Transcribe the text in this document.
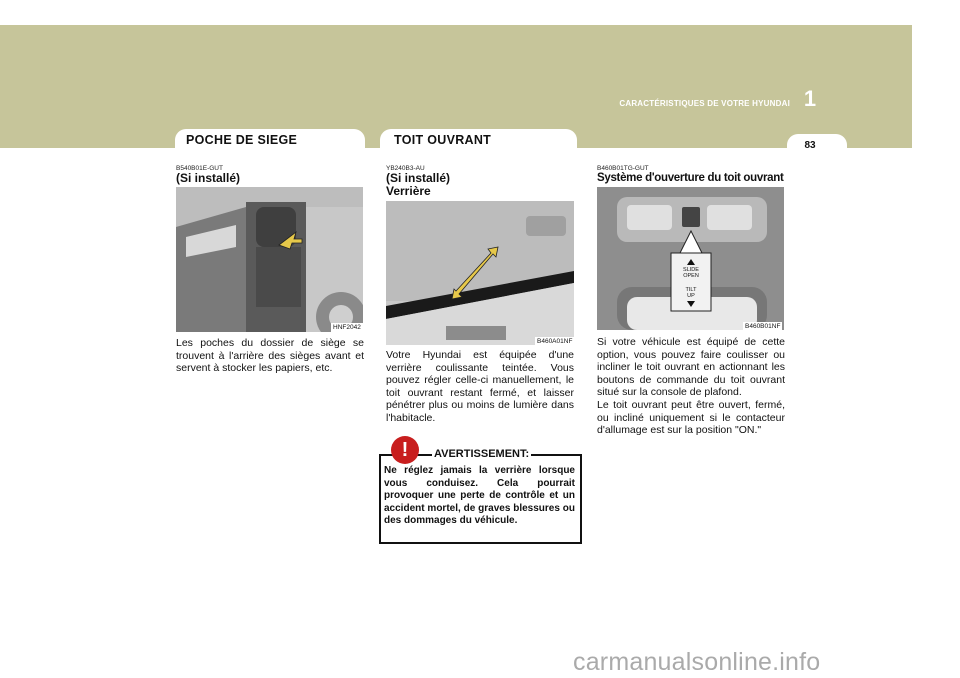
CARACTÉRISTIQUES DE VOTRE HYUNDAI 1
83
POCHE DE SIEGE
B540B01E-GUT
(Si installé)
HNF2042

Les poches du dossier de siège se trouvent à l'arrière des sièges avant et servent à stocker les papiers, etc.

TOIT OUVRANT
YB240B3-AU
(Si installé)
Verrière
B460A01NF

Votre Hyundai est équipée d'une verrière coulissante teintée. Vous pouvez régler celle-ci manuellement, le toit ouvrant restant fermé, et laisser pénétrer plus ou moins de lumière dans l'habitacle.

!	AVERTISSEMENT:

Ne réglez jamais la verrière lorsque vous conduisez. Cela pourrait provoquer une perte de contrôle et un accident mortel, de graves blessures ou des dommages du véhicule.

B460B01TG-GUT
Système d'ouverture du toit ouvrant
SLIDE
OPEN
TILT
UP
B460B01NF

Si votre véhicule est équipé de cette option, vous pouvez faire coulisser ou incliner le toit ouvrant en actionnant les boutons de commande du toit ouvrant situé sur la console de plafond.

Le toit ouvrant peut être ouvert, fermé, ou incliné uniquement si le contacteur d'allumage est sur la position "ON."

carmanualsonline.info
